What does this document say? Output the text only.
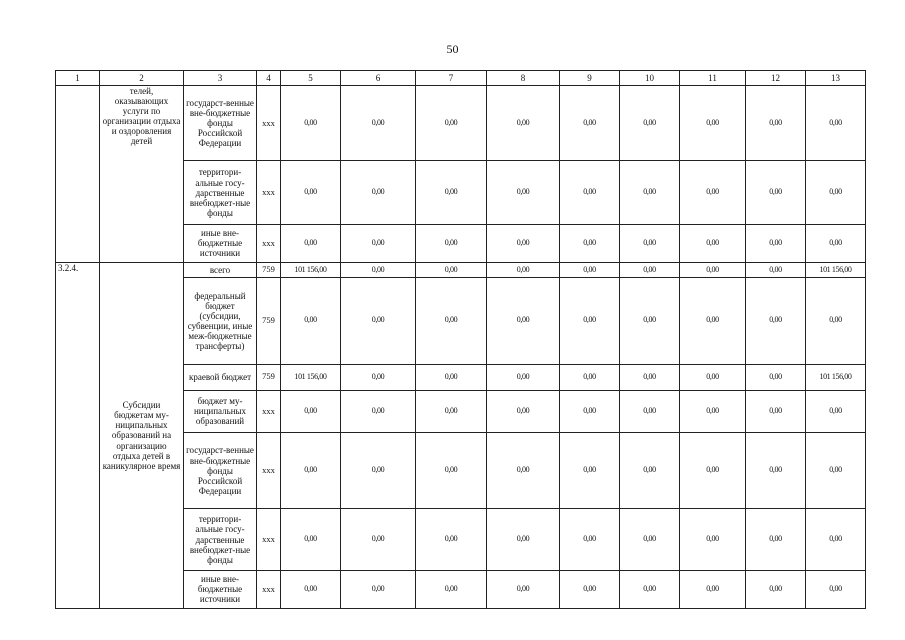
50
1	2	3	4	5	6	7	8	9	10	11	12	13
	телей, оказывающих услуги по организации отдыха и оздоровления детей	государст-венные вне-бюджетные фонды Российской Федерации	ххх	0,00	0,00	0,00	0,00	0,00	0,00	0,00	0,00	0,00
		территори-альные госу-дарственные внебюджет-ные фонды	ххх	0,00	0,00	0,00	0,00	0,00	0,00	0,00	0,00	0,00
		иные вне-бюджетные источники	ххх	0,00	0,00	0,00	0,00	0,00	0,00	0,00	0,00	0,00
3.2.4.	Субсидии бюджетам му-ниципальных образований на организацию отдыха детей в каникулярное время	всего	759	101 156,00	0,00	0,00	0,00	0,00	0,00	0,00	0,00	101 156,00
		федеральный бюджет (субсидии, субвенции, иные меж-бюджетные трансферты)	759	0,00	0,00	0,00	0,00	0,00	0,00	0,00	0,00	0,00
		краевой бюджет	759	101 156,00	0,00	0,00	0,00	0,00	0,00	0,00	0,00	101 156,00
		бюджет му-ниципальных образований	ххх	0,00	0,00	0,00	0,00	0,00	0,00	0,00	0,00	0,00
		государст-венные вне-бюджетные фонды Российской Федерации	ххх	0,00	0,00	0,00	0,00	0,00	0,00	0,00	0,00	0,00
		территори-альные госу-дарственные внебюджет-ные фонды	ххх	0,00	0,00	0,00	0,00	0,00	0,00	0,00	0,00	0,00
		иные вне-бюджетные источники	ххх	0,00	0,00	0,00	0,00	0,00	0,00	0,00	0,00	0,00
